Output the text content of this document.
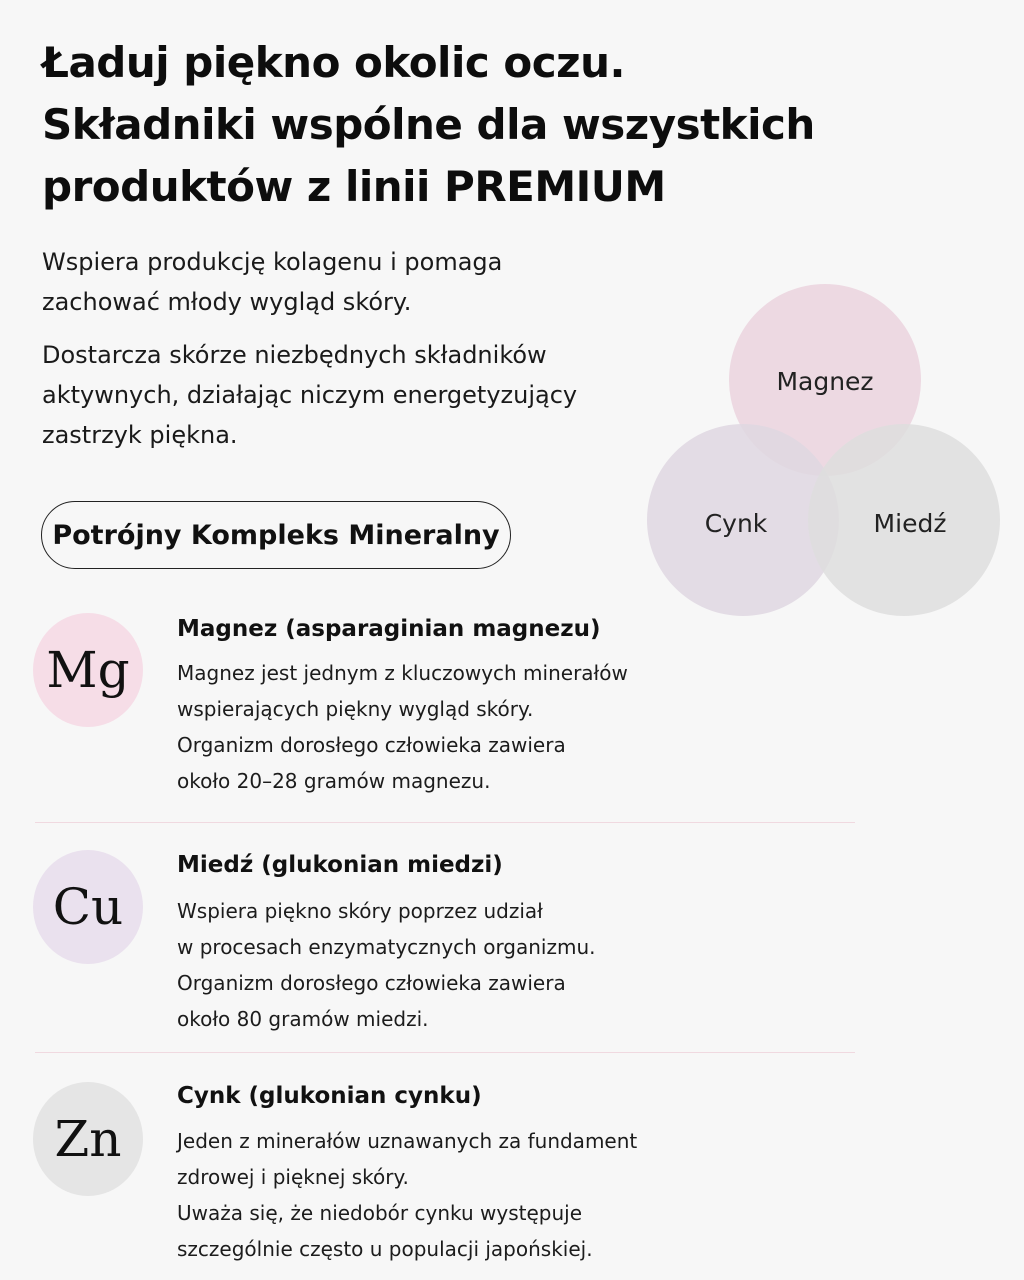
Ładuj piękno okolic oczu.
Składniki wspólne dla wszystkich
produktów z linii PREMIUM

Wspiera produkcję kolagenu i pomaga
zachować młody wygląd skóry.

Dostarcza skórze niezbędnych składników
aktywnych, działając niczym energetyzujący
zastrzyk piękna.

Potrójny Kompleks Mineralny
Magnez
Cynk	Miedź
Mg
Magnez (asparaginian magnezu)
Magnez jest jednym z kluczowych minerałów
wspierających piękny wygląd skóry.
Organizm dorosłego człowieka zawiera
około 20–28 gramów magnezu.
Cu
Miedź (glukonian miedzi)
Wspiera piękno skóry poprzez udział
w procesach enzymatycznych organizmu.
Organizm dorosłego człowieka zawiera
około 80 gramów miedzi.
Zn
Cynk (glukonian cynku)
Jeden z minerałów uznawanych za fundament
zdrowej i pięknej skóry.
Uważa się, że niedobór cynku występuje
szczególnie często u populacji japońskiej.
